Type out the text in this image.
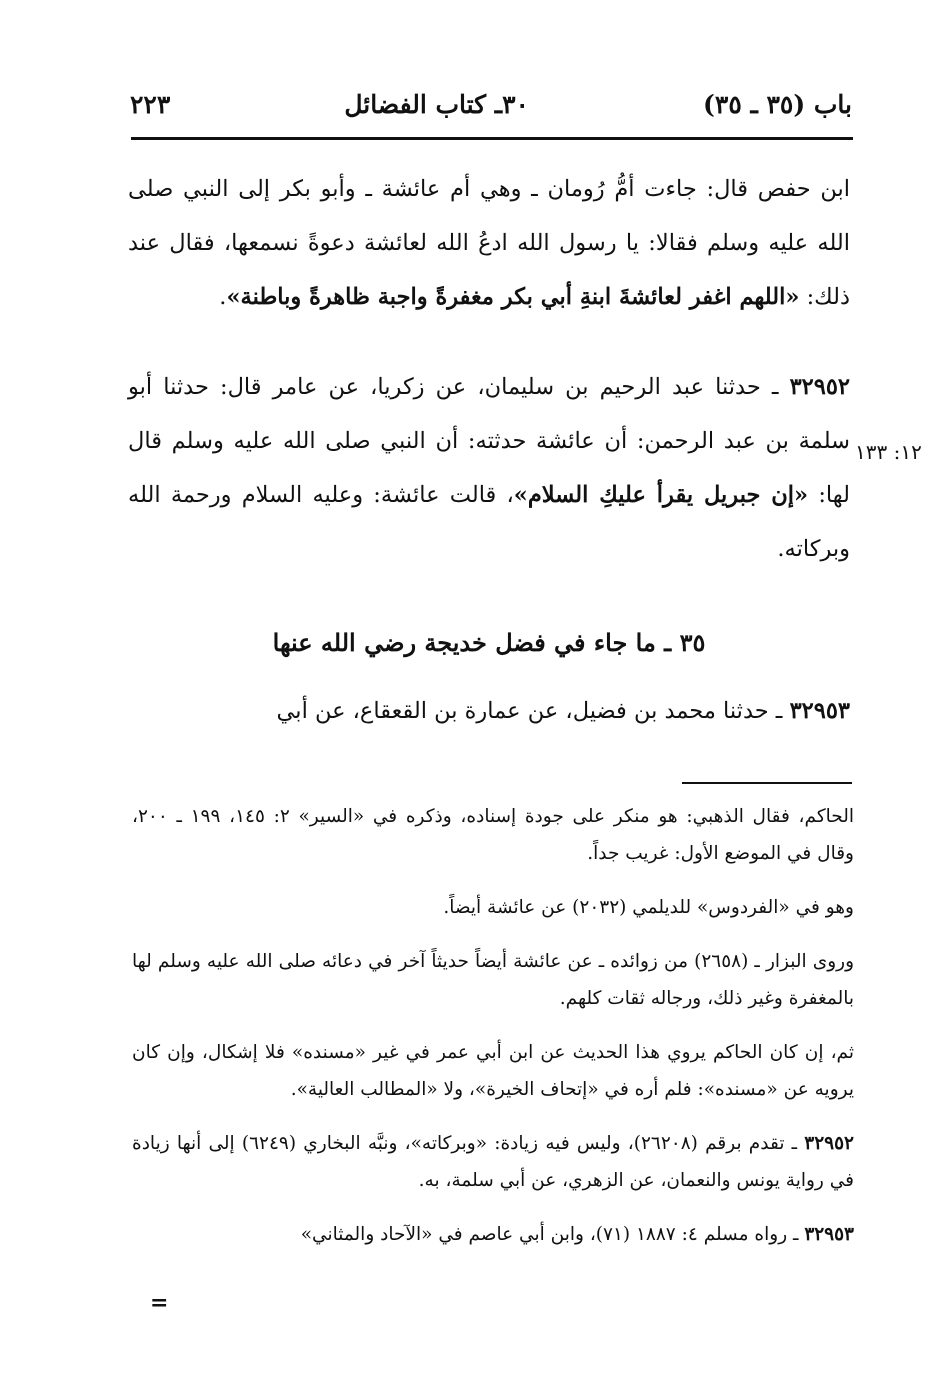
باب (٣٥ ـ ٣٥)
٣٠ـ كتاب الفضائل
٢٢٣

ابن حفص قال: جاءت أمُّ رُومان ـ وهي أم عائشة ـ وأبو بكر إلى النبي صلى الله عليه وسلم فقالا: يا رسول الله ادعُ الله لعائشة دعوةً نسمعها، فقال عند ذلك: «اللهم اغفر لعائشةَ ابنةِ أبي بكر مغفرةً واجبة ظاهرةً وباطنة».

٣٢٩٥٢ ـ حدثنا عبد الرحيم بن سليمان، عن زكريا، عن عامر قال: حدثنا أبو سلمة بن عبد الرحمن: أن عائشة حدثته: أن النبي صلى الله عليه وسلم قال لها: «إن جبريل يقرأ عليكِ السلام»، قالت عائشة: وعليه السلام ورحمة الله وبركاته.

٣٥ ـ ما جاء في فضل خديجة رضي الله عنها

٣٢٩٥٣ ـ حدثنا محمد بن فضيل، عن عمارة بن القعقاع، عن أبي

١٢: ١٣٣

الحاكم، فقال الذهبي: هو منكر على جودة إسناده، وذكره في «السير» ٢: ١٤٥، ١٩٩ ـ ٢٠٠، وقال في الموضع الأول: غريب جداً.

وهو في «الفردوس» للديلمي (٢٠٣٢) عن عائشة أيضاً.

وروى البزار ـ (٢٦٥٨) من زوائده ـ عن عائشة أيضاً حديثاً آخر في دعائه صلى الله عليه وسلم لها بالمغفرة وغير ذلك، ورجاله ثقات كلهم.

ثم، إن كان الحاكم يروي هذا الحديث عن ابن أبي عمر في غير «مسنده» فلا إشكال، وإن كان يرويه عن «مسنده»: فلم أره في «إتحاف الخيرة»، ولا «المطالب العالية».

٣٢٩٥٢ ـ تقدم برقم (٢٦٢٠٨)، وليس فيه زيادة: «وبركاته»، ونبَّه البخاري (٦٢٤٩) إلى أنها زيادة في رواية يونس والنعمان، عن الزهري، عن أبي سلمة، به.

٣٢٩٥٣ ـ رواه مسلم ٤: ١٨٨٧ (٧١)، وابن أبي عاصم في «الآحاد والمثاني»

=
